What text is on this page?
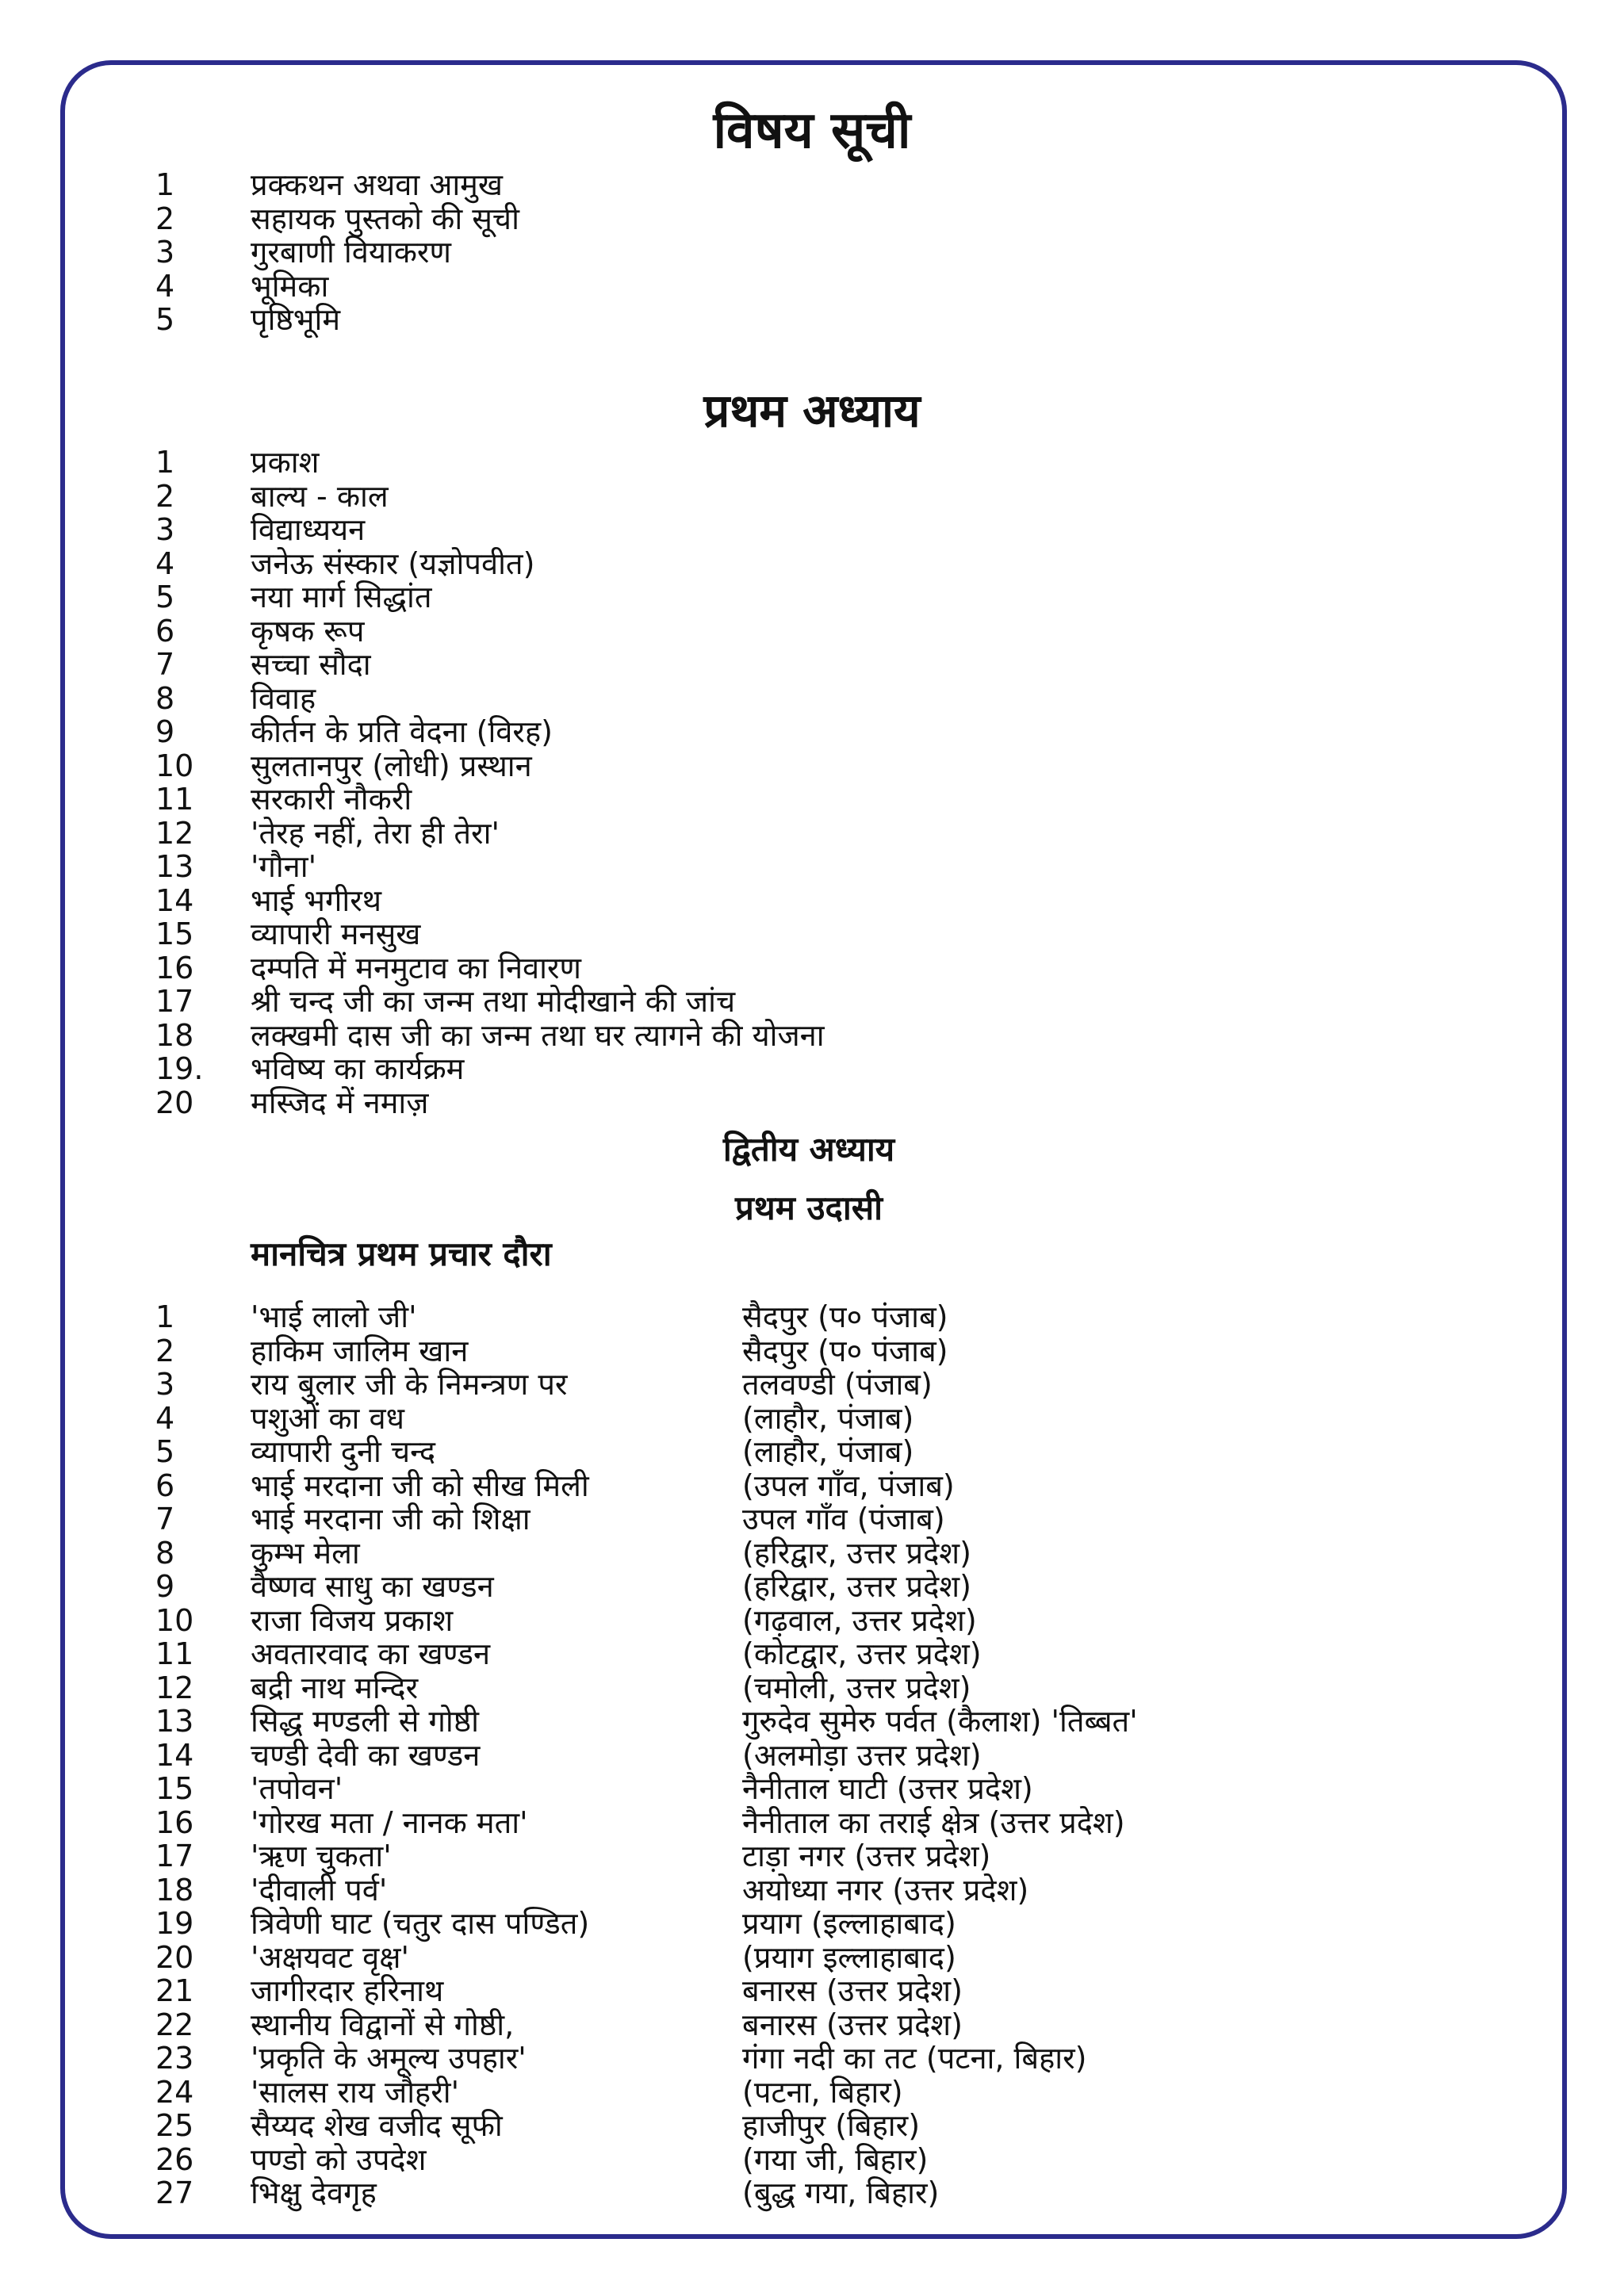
विषय सूची
1	प्रक्कथन अथवा आमुख
2	सहायक पुस्तको की सूची
3	गुरबाणी वियाकरण
4	भूमिका
5	पृष्ठिभूमि
प्रथम अध्याय
1	प्रकाश
2	बाल्य - काल
3	विद्याध्ययन
4	जनेऊ संस्कार (यज्ञोपवीत)
5	नया मार्ग सिद्धांत
6	कृषक रूप
7	सच्चा सौदा
8	विवाह
9	कीर्तन के प्रति वेदना (विरह)
10 सुलतानपुर (लोधी) प्रस्थान
11 सरकारी नौकरी
12 'तेरह नहीं, तेरा ही तेरा'
13 'गौना'
14 भाई भगीरथ
15 व्यापारी मनसुख
16 दम्पति में मनमुटाव का निवारण
17 श्री चन्द जी का जन्म तथा मोदीखाने की जांच
18 लक्खमी दास जी का जन्म तथा घर त्यागने की योजना
19. भविष्य का कार्यक्रम
20 मस्जिद में नमाज़
द्वितीय अध्याय
प्रथम उदासी
मानचित्र प्रथम प्रचार दौरा
1	'भाई लालो जी'	सैदपुर (प० पंजाब)
2	हाकिम जालिम खान	सैदपुर (प० पंजाब)
3	राय बुलार जी के निमन्त्रण पर	तलवण्डी (पंजाब)
4	पशुओं का वध	(लाहौर, पंजाब)
5	व्यापारी दुनी चन्द	(लाहौर, पंजाब)
6	भाई मरदाना जी को सीख मिली	(उपल गाँव, पंजाब)
7	भाई मरदाना जी को शिक्षा	उपल गाँव (पंजाब)
8	कुम्भ मेला	(हरिद्वार, उत्तर प्रदेश)
9	वैष्णव साधु का खण्डन	(हरिद्वार, उत्तर प्रदेश)
10 राजा विजय प्रकाश	(गढ़वाल, उत्तर प्रदेश)
11 अवतारवाद का खण्डन	(कोटद्वार, उत्तर प्रदेश)
12 बद्री नाथ मन्दिर	(चमोली, उत्तर प्रदेश)
13 सिद्ध मण्डली से गोष्ठी	गुरुदेव सुमेरु पर्वत (कैलाश) 'तिब्बत'
14 चण्डी देवी का खण्डन	(अलमोड़ा उत्तर प्रदेश)
15 'तपोवन'	नैनीताल घाटी (उत्तर प्रदेश)
16 'गोरख मता / नानक मता'	नैनीताल का तराई क्षेत्र (उत्तर प्रदेश)
17 'ऋण चुकता'	टाड़ा नगर (उत्तर प्रदेश)
18 'दीवाली पर्व'	अयोध्या नगर (उत्तर प्रदेश)
19 त्रिवेणी घाट (चतुर दास पण्डित)	प्रयाग (इल्लाहाबाद)
20 'अक्षयवट वृक्ष'	(प्रयाग इल्लाहाबाद)
21 जागीरदार हरिनाथ	बनारस (उत्तर प्रदेश)
22 स्थानीय विद्वानों से गोष्ठी,	बनारस (उत्तर प्रदेश)
23 'प्रकृति के अमूल्य उपहार'	गंगा नदी का तट (पटना, बिहार)
24 'सालस राय जौहरी'	(पटना, बिहार)
25 सैय्यद शेख वजीद सूफी	हाजीपुर (बिहार)
26 पण्डो को उपदेश	(गया जी, बिहार)
27 भिक्षु देवगृह	(बुद्ध गया, बिहार)
